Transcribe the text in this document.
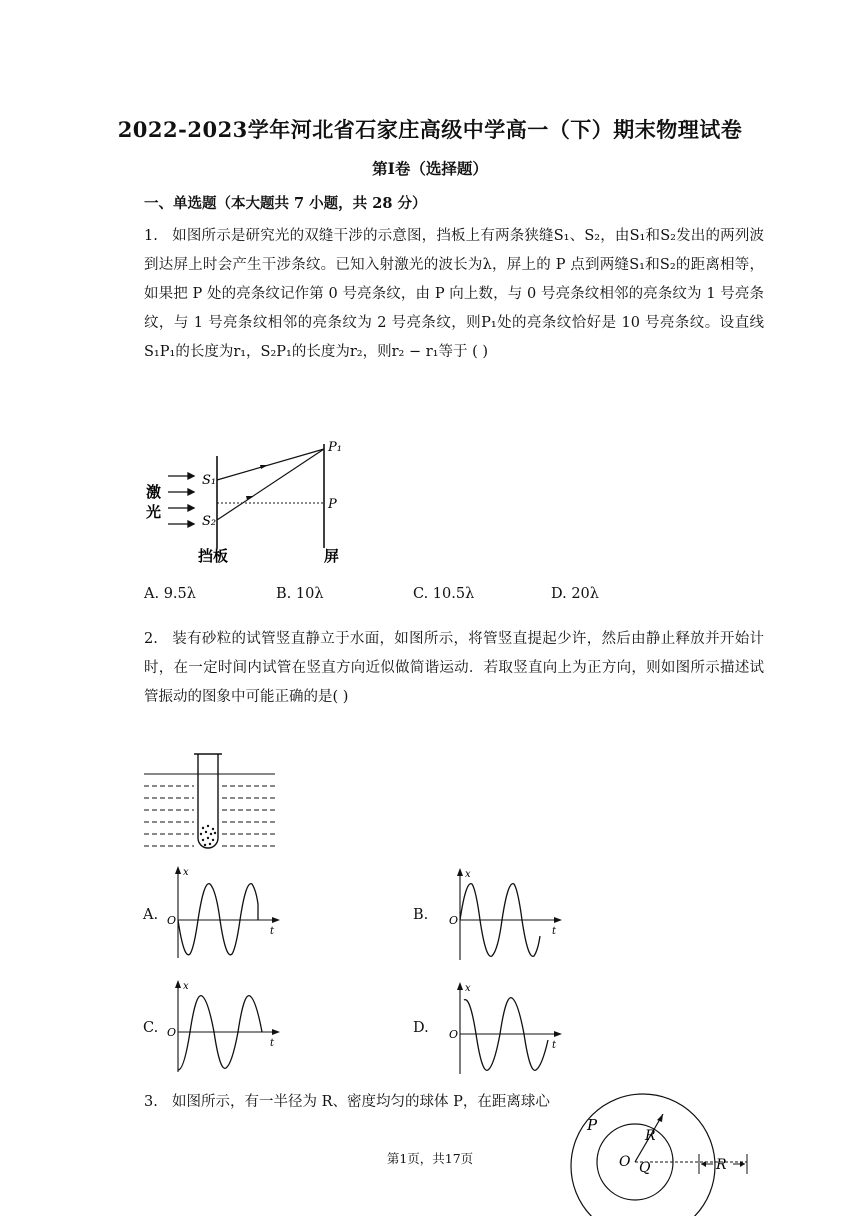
2022-2023学年河北省石家庄高级中学高一（下）期末物理试卷
第I卷（选择题）
一、单选题（本大题共 7 小题，共 28 分）
1. 如图所示是研究光的双缝干涉的示意图，挡板上有两条狭缝S₁、S₂，由S₁和S₂发出的两列波到达屏上时会产生干涉条纹。已知入射激光的波长为λ，屏上的 P 点到两缝S₁和S₂的距离相等，如果把 P 处的亮条纹记作第 0 号亮条纹，由 P 向上数，与 0 号亮条纹相邻的亮条纹为 1 号亮条纹，与 1 号亮条纹相邻的亮条纹为 2 号亮条纹，则P₁处的亮条纹恰好是 10 号亮条纹。设直线S₁P₁的长度为r₁，S₂P₁的长度为r₂，则r₂ − r₁等于 ( )
激
光
S₁
S₂
P₁
P
挡板	屏
A. 9.5λ	B. 10λ	C. 10.5λ	D. 20λ
2. 装有砂粒的试管竖直静立于水面，如图所示，将管竖直提起少许，然后由静止释放并开始计时，在一定时间内试管在竖直方向近似做简谐运动．若取竖直向上为正方向，则如图所示描述试管振动的图象中可能正确的是( )
A.
x
t
O	B.
x
t
O
C.
x
t
O	D.
x
t
O
3. 如图所示，有一半径为 R、密度均匀的球体 P，在距离球心
P
R
O Q	R
第1页，共17页
